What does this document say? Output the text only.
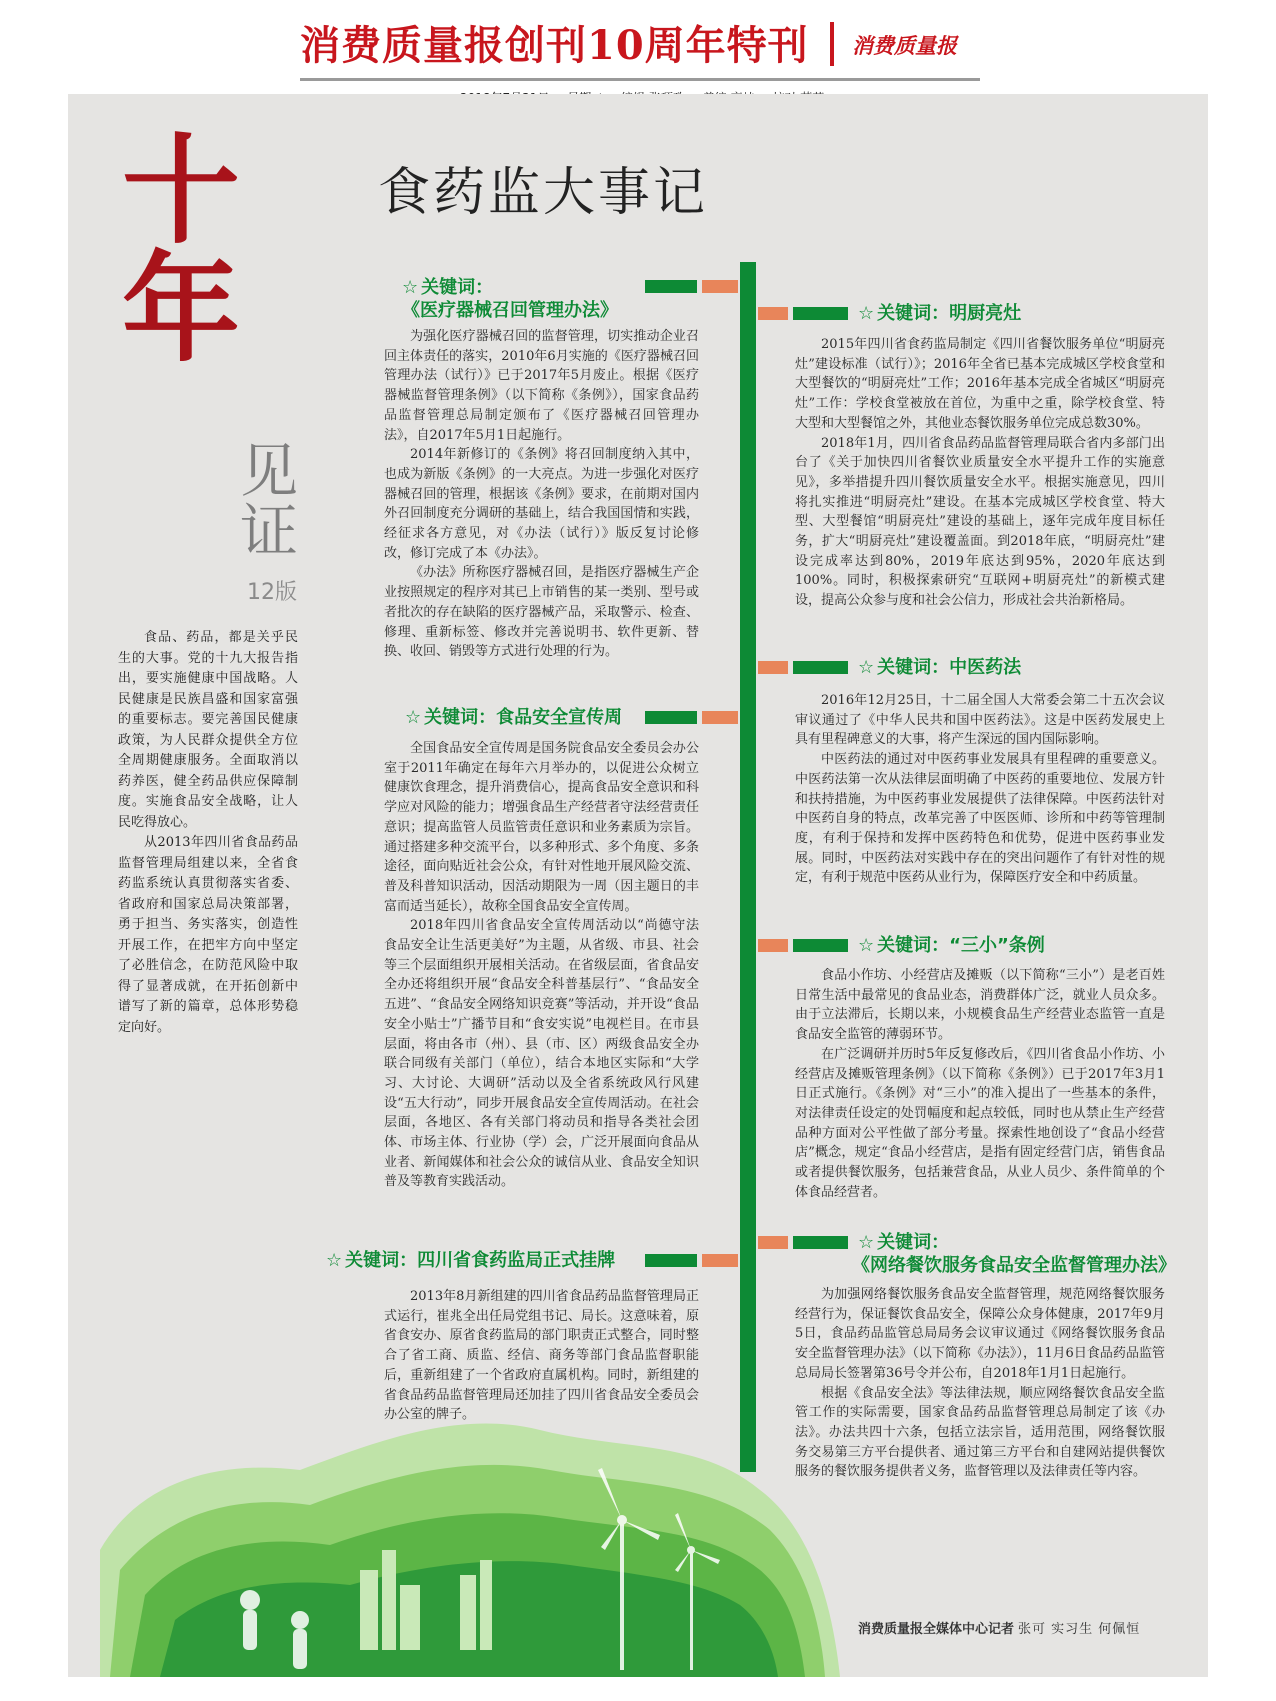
消费质量报创刊10周年特刊 消费质量报
十年
见证
12版
食药监大事记

食品、药品，都是关乎民生的大事。党的十九大报告指出，要实施健康中国战略。人民健康是民族昌盛和国家富强的重要标志。要完善国民健康政策，为人民群众提供全方位全周期健康服务。全面取消以药养医，健全药品供应保障制度。实施食品安全战略，让人民吃得放心。

从2013年四川省食品药品监督管理局组建以来，全省食药监系统认真贯彻落实省委、省政府和国家总局决策部署，勇于担当、务实落实，创造性开展工作，在把牢方向中坚定了必胜信念，在防范风险中取得了显著成就，在开拓创新中谱写了新的篇章，总体形势稳定向好。

☆ 关键词：
《医疗器械召回管理办法》

为强化医疗器械召回的监督管理，切实推动企业召回主体责任的落实，2010年6月实施的《医疗器械召回管理办法（试行）》已于2017年5月废止。根据《医疗器械监督管理条例》（以下简称《条例》），国家食品药品监督管理总局制定颁布了《医疗器械召回管理办法》，自2017年5月1日起施行。

2014年新修订的《条例》将召回制度纳入其中，也成为新版《条例》的一大亮点。为进一步强化对医疗器械召回的管理，根据该《条例》要求，在前期对国内外召回制度充分调研的基础上，结合我国国情和实践，经征求各方意见，对《办法（试行）》版反复讨论修改，修订完成了本《办法》。

《办法》所称医疗器械召回，是指医疗器械生产企业按照规定的程序对其已上市销售的某一类别、型号或者批次的存在缺陷的医疗器械产品，采取警示、检查、修理、重新标签、修改并完善说明书、软件更新、替换、收回、销毁等方式进行处理的行为。

☆ 关键词：食品安全宣传周

全国食品安全宣传周是国务院食品安全委员会办公室于2011年确定在每年六月举办的，以促进公众树立健康饮食理念，提升消费信心，提高食品安全意识和科学应对风险的能力；增强食品生产经营者守法经营责任意识；提高监管人员监管责任意识和业务素质为宗旨。通过搭建多种交流平台，以多种形式、多个角度、多条途径，面向贴近社会公众，有针对性地开展风险交流、普及科普知识活动，因活动期限为一周（因主题日的丰富而适当延长），故称全国食品安全宣传周。

2018年四川省食品安全宣传周活动以“尚德守法 食品安全让生活更美好”为主题，从省级、市县、社会等三个层面组织开展相关活动。在省级层面，省食品安全办还将组织开展“食品安全科普基层行”、“食品安全五进”、“食品安全网络知识竞赛”等活动，并开设“食品安全小贴士”广播节目和“食安实说”电视栏目。在市县层面，将由各市（州）、县（市、区）两级食品安全办联合同级有关部门（单位），结合本地区实际和“大学习、大讨论、大调研”活动以及全省系统政风行风建设“五大行动”，同步开展食品安全宣传周活动。在社会层面，各地区、各有关部门将动员和指导各类社会团体、市场主体、行业协（学）会，广泛开展面向食品从业者、新闻媒体和社会公众的诚信从业、食品安全知识普及等教育实践活动。

☆ 关键词：四川省食药监局正式挂牌

2013年8月新组建的四川省食品药品监督管理局正式运行，崔兆全出任局党组书记、局长。这意味着，原省食安办、原省食药监局的部门职责正式整合，同时整合了省工商、质监、经信、商务等部门食品监督职能后，重新组建了一个省政府直属机构。同时，新组建的省食品药品监督管理局还加挂了四川省食品安全委员会办公室的牌子。

☆ 关键词：明厨亮灶

2015年四川省食药监局制定《四川省餐饮服务单位“明厨亮灶”建设标准（试行）》；2016年全省已基本完成城区学校食堂和大型餐饮的“明厨亮灶”工作；2016年基本完成全省城区“明厨亮灶”工作：学校食堂被放在首位，为重中之重，除学校食堂、特大型和大型餐馆之外，其他业态餐饮服务单位完成总数30%。

2018年1月，四川省食品药品监督管理局联合省内多部门出台了《关于加快四川省餐饮业质量安全水平提升工作的实施意见》，多举措提升四川餐饮质量安全水平。根据实施意见，四川将扎实推进“明厨亮灶”建设。在基本完成城区学校食堂、特大型、大型餐馆“明厨亮灶”建设的基础上，逐年完成年度目标任务，扩大“明厨亮灶”建设覆盖面。到2018年底，“明厨亮灶”建设完成率达到80%，2019年底达到95%，2020年底达到100%。同时，积极探索研究“互联网+明厨亮灶”的新模式建设，提高公众参与度和社会公信力，形成社会共治新格局。

☆ 关键词：中医药法

2016年12月25日，十二届全国人大常委会第二十五次会议审议通过了《中华人民共和国中医药法》。这是中医药发展史上具有里程碑意义的大事，将产生深远的国内国际影响。

中医药法的通过对中医药事业发展具有里程碑的重要意义。中医药法第一次从法律层面明确了中医药的重要地位、发展方针和扶持措施，为中医药事业发展提供了法律保障。中医药法针对中医药自身的特点，改革完善了中医医师、诊所和中药等管理制度，有利于保持和发挥中医药特色和优势，促进中医药事业发展。同时，中医药法对实践中存在的突出问题作了有针对性的规定，有利于规范中医药从业行为，保障医疗安全和中药质量。

☆ 关键词：“三小”条例

食品小作坊、小经营店及摊贩（以下简称“三小”）是老百姓日常生活中最常见的食品业态，消费群体广泛，就业人员众多。由于立法滞后，长期以来，小规模食品生产经营业态监管一直是食品安全监管的薄弱环节。

在广泛调研并历时5年反复修改后，《四川省食品小作坊、小经营店及摊贩管理条例》（以下简称《条例》）已于2017年3月1日正式施行。《条例》对“三小”的准入提出了一些基本的条件，对法律责任设定的处罚幅度和起点较低，同时也从禁止生产经营品种方面对公平性做了部分考量。探索性地创设了“食品小经营店”概念，规定“食品小经营店，是指有固定经营门店，销售食品或者提供餐饮服务，包括兼营食品，从业人员少、条件简单的个体食品经营者。

☆ 关键词：
《网络餐饮服务食品安全监督管理办法》

为加强网络餐饮服务食品安全监督管理，规范网络餐饮服务经营行为，保证餐饮食品安全，保障公众身体健康，2017年9月5日，食品药品监管总局局务会议审议通过《网络餐饮服务食品安全监督管理办法》（以下简称《办法》），11月6日食品药品监管总局局长签署第36号令并公布，自2018年1月1日起施行。

根据《食品安全法》等法律法规，顺应网络餐饮食品安全监管工作的实际需要，国家食品药品监督管理总局制定了该《办法》。办法共四十六条，包括立法宗旨，适用范围，网络餐饮服务交易第三方平台提供者、通过第三方平台和自建网站提供餐饮服务的餐饮服务提供者义务，监督管理以及法律责任等内容。

消费质量报全媒体中心记者 张可 实习生 何佩恒
